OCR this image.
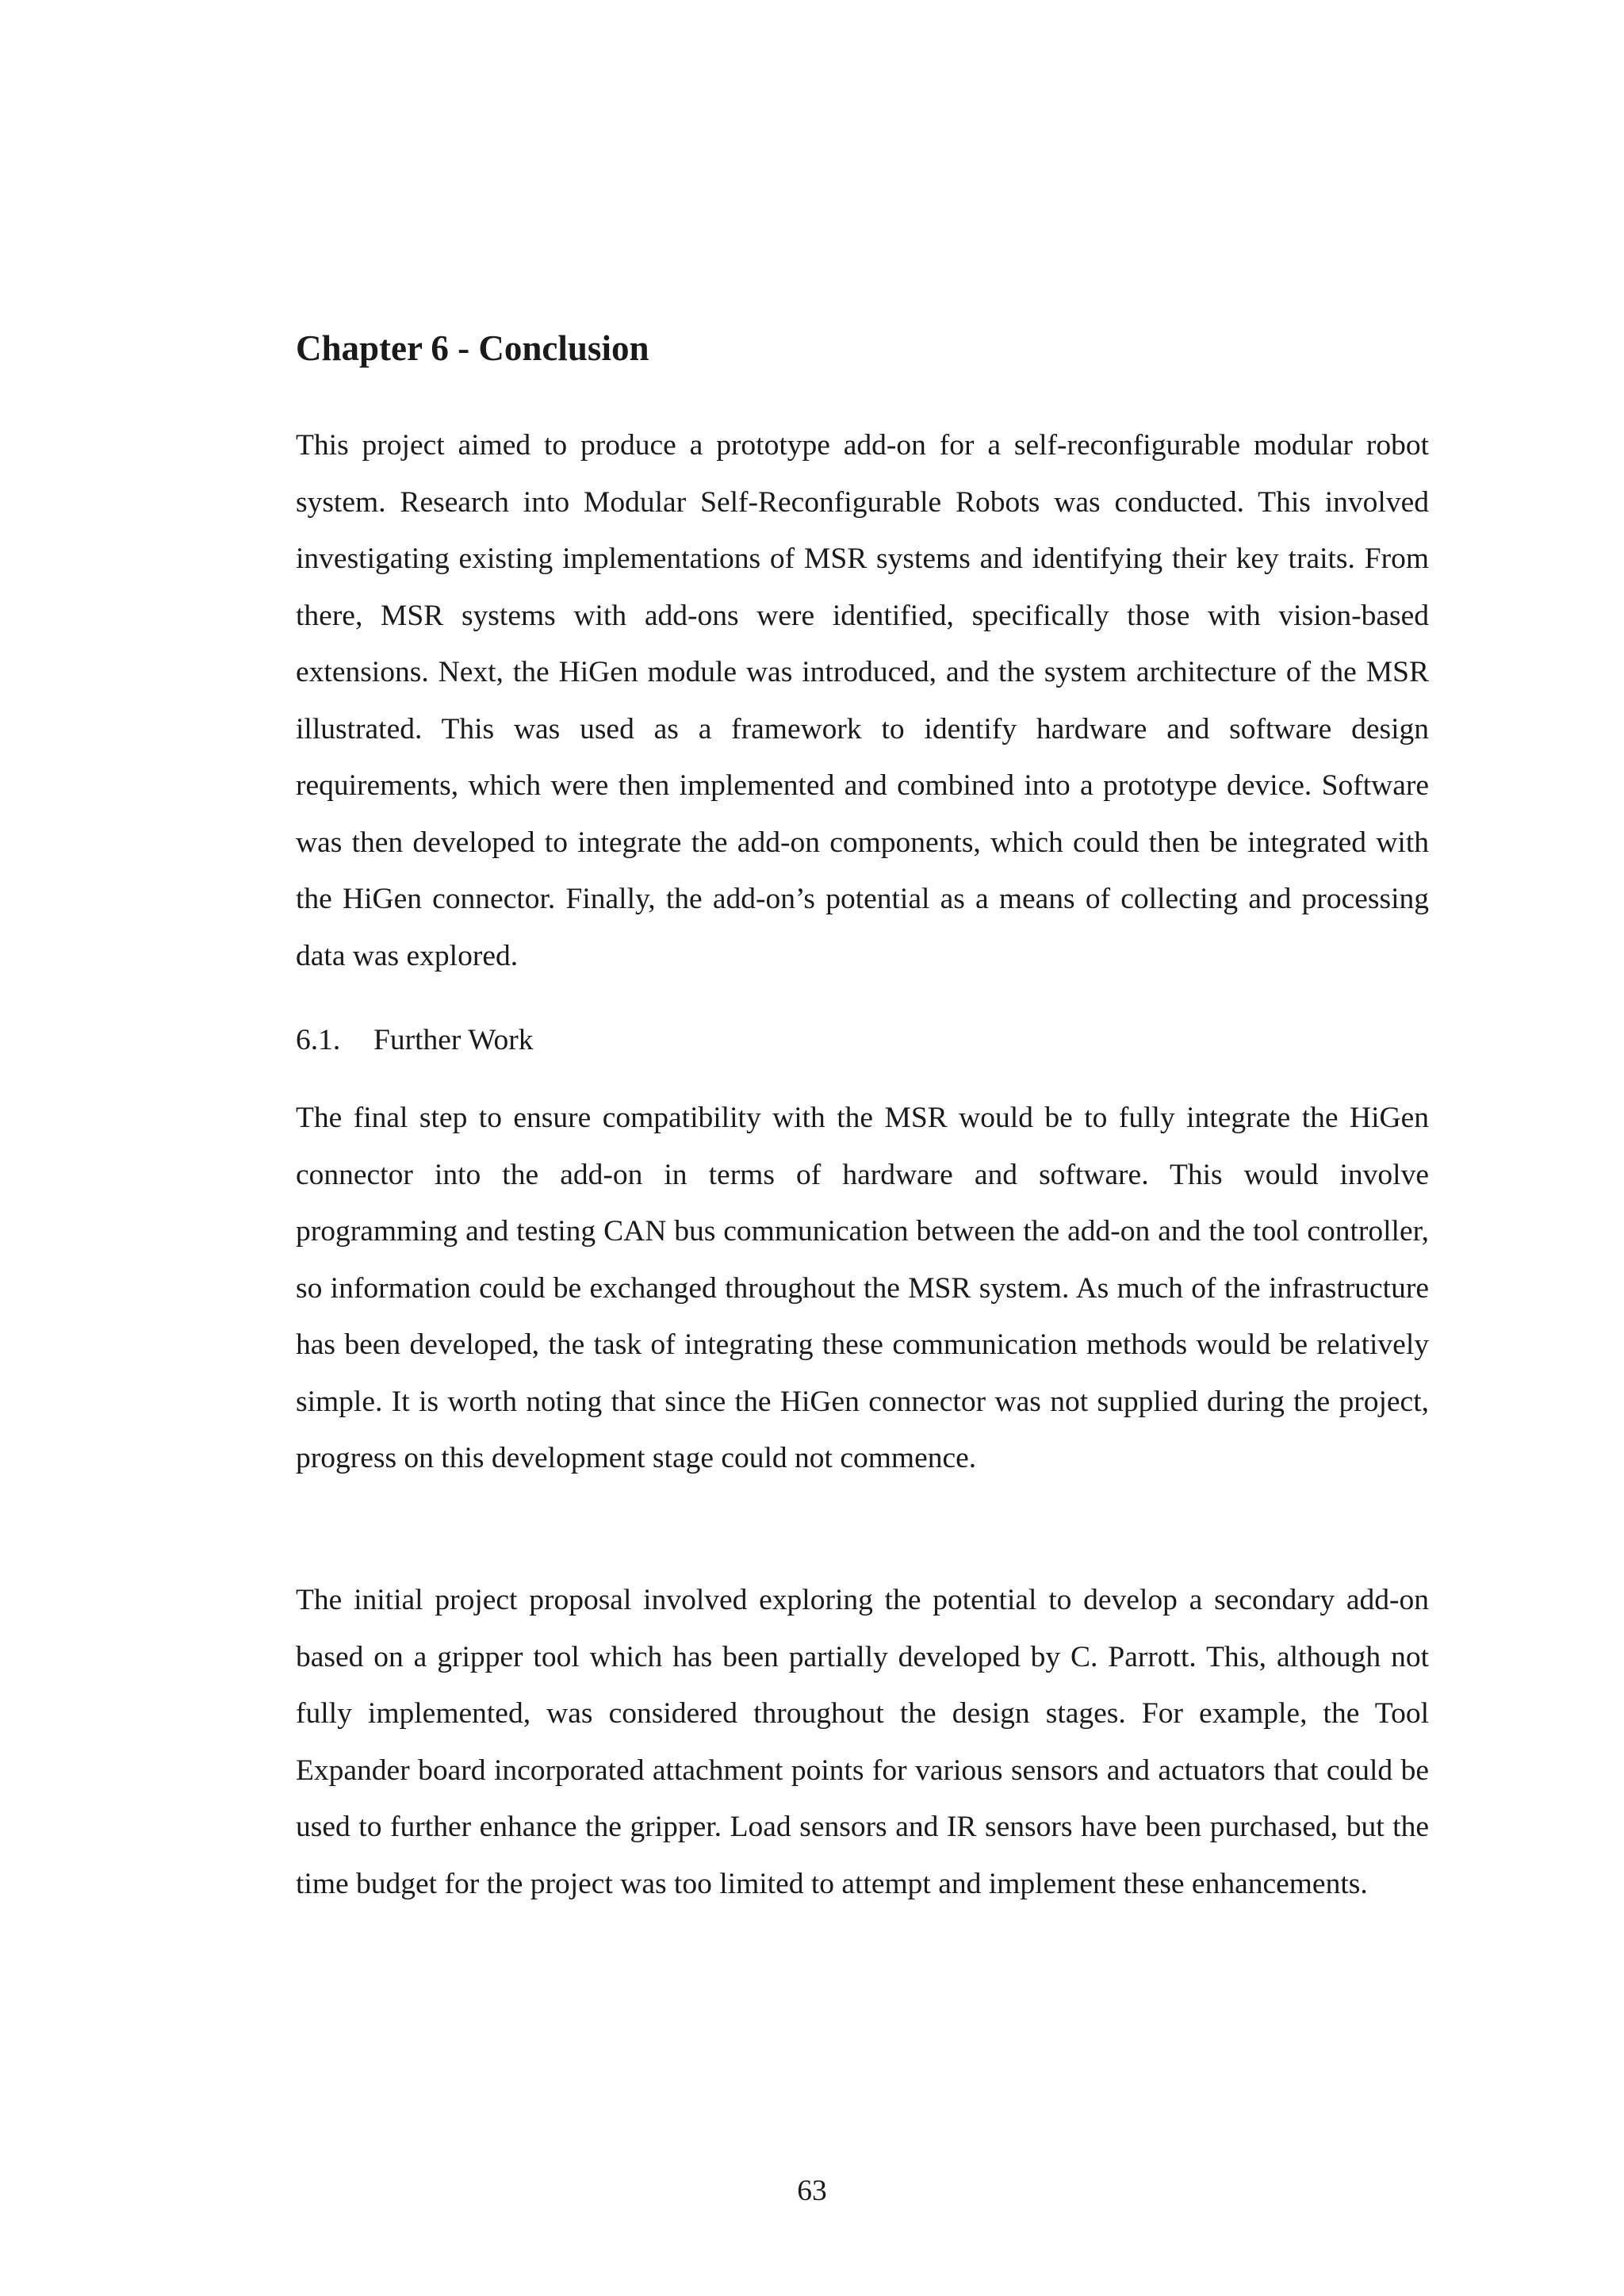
Chapter 6 - Conclusion

This project aimed to produce a prototype add-on for a self-reconfigurable modular robot system. Research into Modular Self-Reconfigurable Robots was conducted. This involved investigating existing implementations of MSR systems and identifying their key traits. From there, MSR systems with add-ons were identified, specifically those with vision-based extensions. Next, the HiGen module was introduced, and the system architecture of the MSR illustrated. This was used as a framework to identify hardware and software design requirements, which were then implemented and combined into a prototype device. Software was then developed to integrate the add-on components, which could then be integrated with the HiGen connector. Finally, the add-on’s potential as a means of collecting and processing data was explored.

6.1. Further Work

The final step to ensure compatibility with the MSR would be to fully integrate the HiGen connector into the add-on in terms of hardware and software. This would involve programming and testing CAN bus communication between the add-on and the tool controller, so information could be exchanged throughout the MSR system. As much of the infrastructure has been developed, the task of integrating these communication methods would be relatively simple. It is worth noting that since the HiGen connector was not supplied during the project, progress on this development stage could not commence.

The initial project proposal involved exploring the potential to develop a secondary add-on based on a gripper tool which has been partially developed by C. Parrott. This, although not fully implemented, was considered throughout the design stages. For example, the Tool Expander board incorporated attachment points for various sensors and actuators that could be used to further enhance the gripper. Load sensors and IR sensors have been purchased, but the time budget for the project was too limited to attempt and implement these enhancements.

63
